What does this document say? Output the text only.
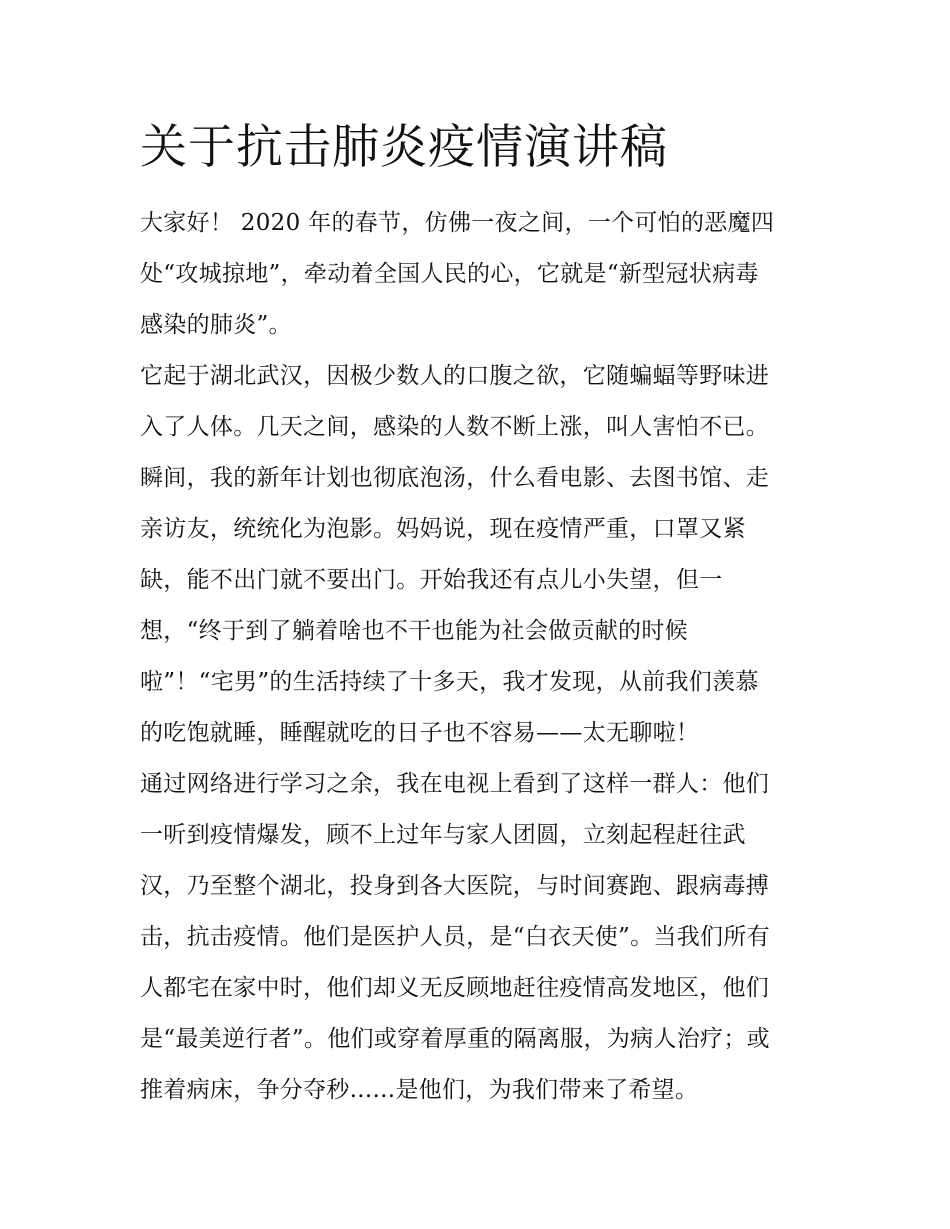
关于抗击肺炎疫情演讲稿
大家好！ 2020 年的春节，仿佛一夜之间，一个可怕的恶魔四
处“攻城掠地”，牵动着全国人民的心，它就是“新型冠状病毒
感染的肺炎”。
它起于湖北武汉，因极少数人的口腹之欲，它随蝙蝠等野味进
入了人体。几天之间，感染的人数不断上涨，叫人害怕不已。
瞬间，我的新年计划也彻底泡汤，什么看电影、去图书馆、走
亲访友，统统化为泡影。妈妈说，现在疫情严重，口罩又紧
缺，能不出门就不要出门。开始我还有点儿小失望，但一
想，“终于到了躺着啥也不干也能为社会做贡献的时候
啦”！“宅男”的生活持续了十多天，我才发现，从前我们羡慕
的吃饱就睡，睡醒就吃的日子也不容易——太无聊啦！
通过网络进行学习之余，我在电视上看到了这样一群人：他们
一听到疫情爆发，顾不上过年与家人团圆，立刻起程赶往武
汉，乃至整个湖北，投身到各大医院，与时间赛跑、跟病毒搏
击，抗击疫情。他们是医护人员，是“白衣天使”。当我们所有
人都宅在家中时，他们却义无反顾地赶往疫情高发地区，他们
是“最美逆行者”。他们或穿着厚重的隔离服，为病人治疗；或
推着病床，争分夺秒......是他们，为我们带来了希望。
